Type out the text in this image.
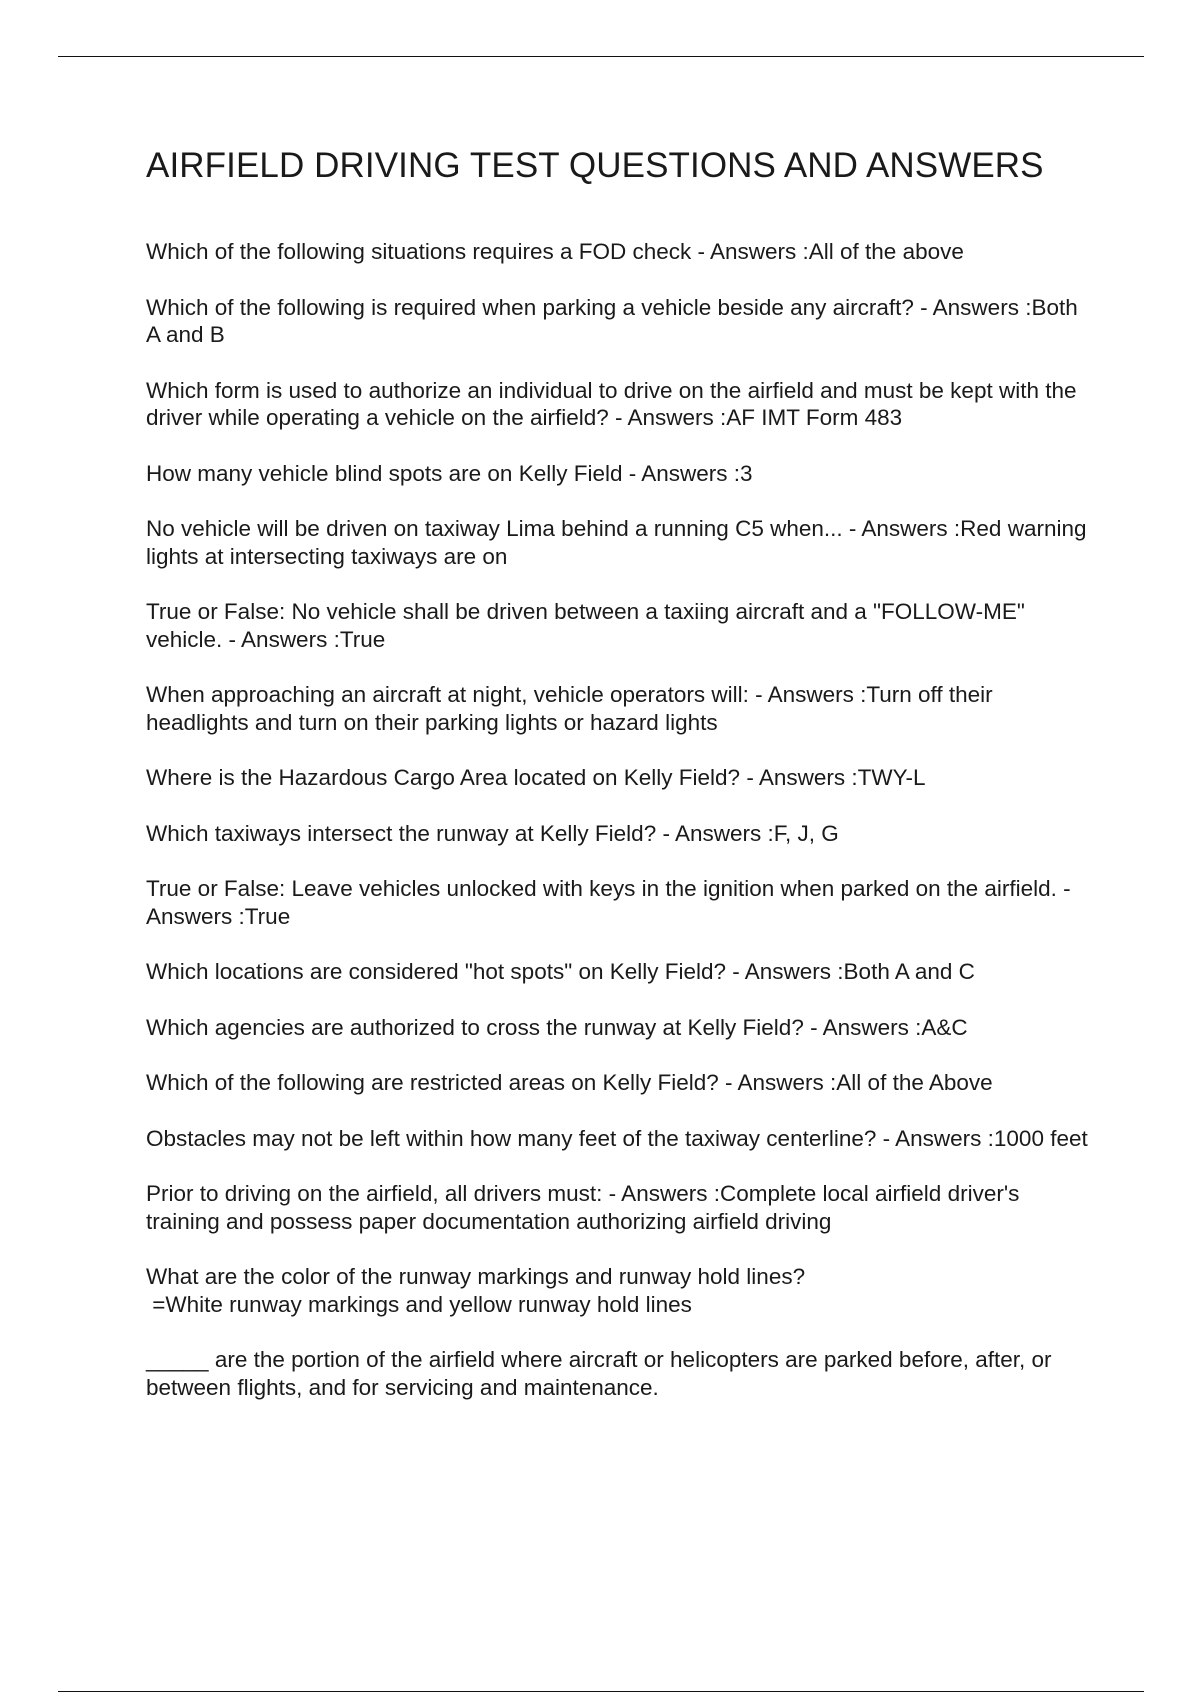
AIRFIELD DRIVING TEST QUESTIONS AND ANSWERS

Which of the following situations requires a FOD check - Answers :All of the above

Which of the following is required when parking a vehicle beside any aircraft? - Answers :Both A and B

Which form is used to authorize an individual to drive on the airfield and must be kept with the driver while operating a vehicle on the airfield? - Answers :AF IMT Form 483

How many vehicle blind spots are on Kelly Field - Answers :3

No vehicle will be driven on taxiway Lima behind a running C5 when... - Answers :Red warning lights at intersecting taxiways are on

True or False: No vehicle shall be driven between a taxiing aircraft and a "FOLLOW-ME" vehicle. - Answers :True

When approaching an aircraft at night, vehicle operators will: - Answers :Turn off their headlights and turn on their parking lights or hazard lights

Where is the Hazardous Cargo Area located on Kelly Field? - Answers :TWY-L

Which taxiways intersect the runway at Kelly Field? - Answers :F, J, G

True or False: Leave vehicles unlocked with keys in the ignition when parked on the airfield. - Answers :True

Which locations are considered "hot spots" on Kelly Field? - Answers :Both A and C

Which agencies are authorized to cross the runway at Kelly Field? - Answers :A&C

Which of the following are restricted areas on Kelly Field? - Answers :All of the Above

Obstacles may not be left within how many feet of the taxiway centerline? - Answers :1000 feet

Prior to driving on the airfield, all drivers must: - Answers :Complete local airfield driver's training and possess paper documentation authorizing airfield driving

What are the color of the runway markings and runway hold lines?
=White runway markings and yellow runway hold lines

_____ are the portion of the airfield where aircraft or helicopters are parked before, after, or between flights, and for servicing and maintenance.
